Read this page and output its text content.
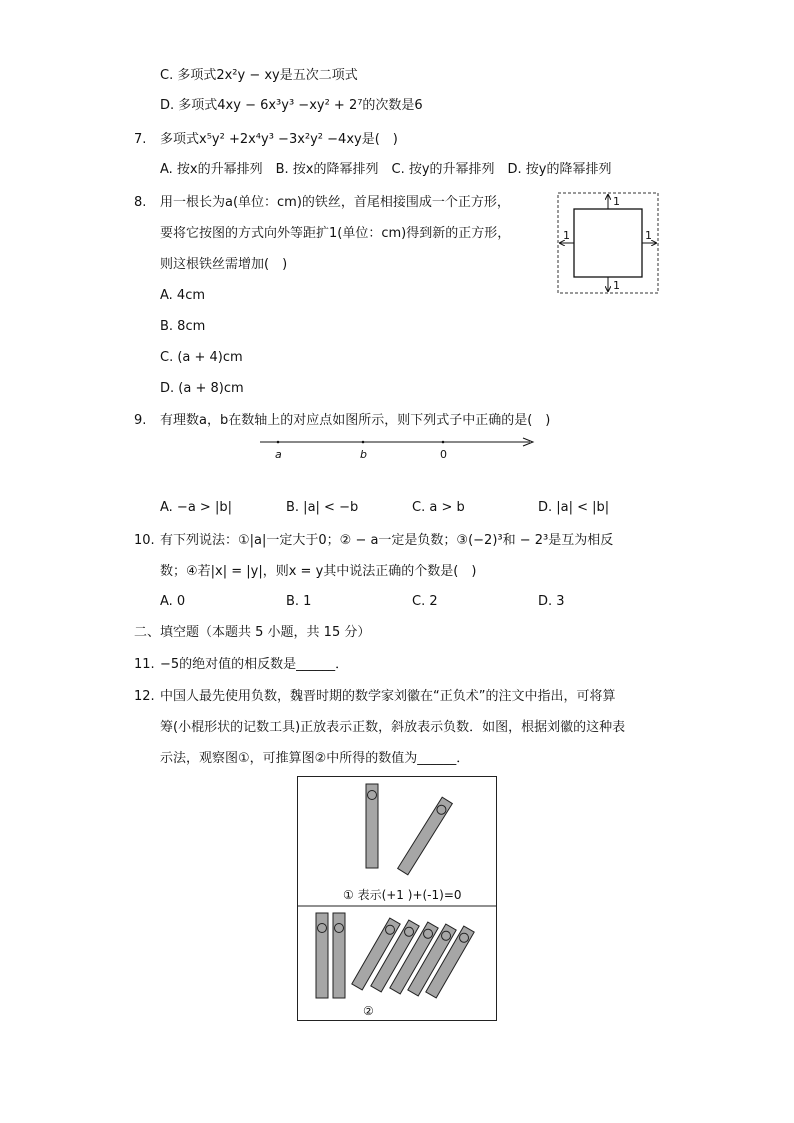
C. 多项式2x²y − xy是五次二项式
D. 多项式4xy − 6x³y³ −xy² + 2⁷的次数是6
7. 多项式x⁵y² +2x⁴y³ −3x²y² −4xy是(　)
A. 按x的升幂排列　B. 按x的降幂排列　C. 按y的升幂排列　D. 按y的降幂排列
8. 用一根长为a(单位：cm)的铁丝，首尾相接围成一个正方形，
要将它按图的方式向外等距扩1(单位：cm)得到新的正方形，
则这根铁丝需增加(　)
A. 4cm
B. 8cm
C. (a + 4)cm
D. (a + 8)cm
1
1	1
1
9. 有理数a，b在数轴上的对应点如图所示，则下列式子中正确的是(　)
a	b	0
A. −a > |b|	B. |a| < −b	C. a > b	D. |a| < |b|
10. 有下列说法：①|a|一定大于0；② − a一定是负数；③(−2)³和 − 2³是互为相反
数；④若|x| = |y|，则x = y其中说法正确的个数是(　)
A. 0	B. 1	C. 2	D. 3
二、填空题（本题共 5 小题，共 15 分）
11. −5的绝对值的相反数是______．
12. 中国人最先使用负数，魏晋时期的数学家刘徽在“正负术”的注文中指出，可将算
筹(小棍形状的记数工具)正放表示正数，斜放表示负数．如图，根据刘徽的这种表
示法，观察图①，可推算图②中所得的数值为______．
① 表示(+1 )+(-1)=0
②
